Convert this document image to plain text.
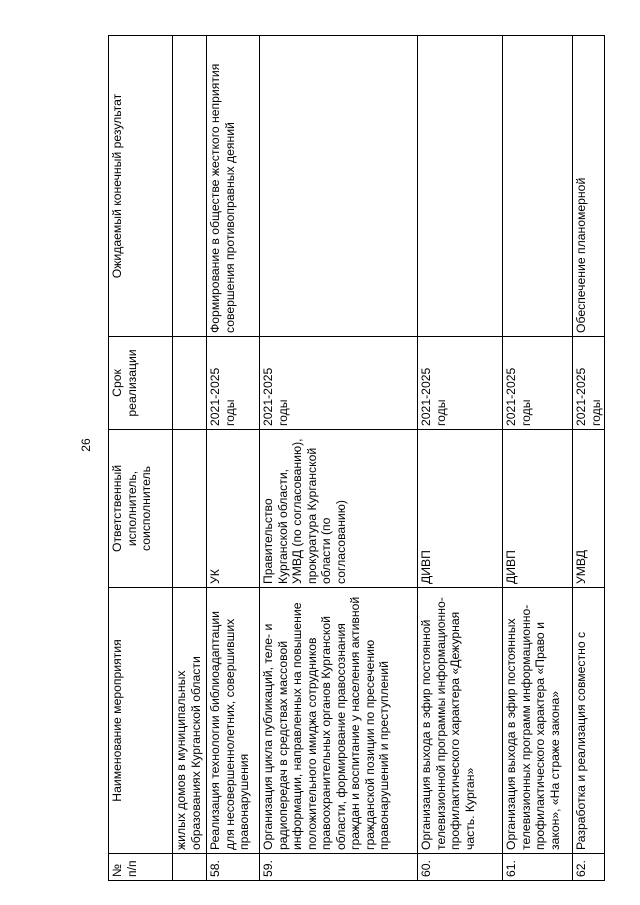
26
№ п/п	Наименование мероприятия	Ответственный исполнитель, соисполнитель	Срок реализации	Ожидаемый конечный результат
	жилых домов в муниципальных образованиях Курганской области			
58.	Реализация технологии библиоадаптации для несовершеннолетних, совершивших правонарушения	УК	2021-2025 годы	Формирование в обществе жесткого неприятия совершения противоправных деяний
59.	Организация цикла публикаций, теле- и радиопередач в средствах массовой информации, направленных на повышение положительного имиджа сотрудников правоохранительных органов Курганской области, формирование правосознания граждан и воспитание у населения активной гражданской позиции по пресечению правонарушений и преступлений	Правительство Курганской области, УМВД (по согласованию), прокуратура Курганской области (по согласованию)	2021-2025 годы	
60.	Организация выхода в эфир постоянной телевизионной программы информационно-профилактического характера «Дежурная часть. Курган»	ДИВП	2021-2025 годы	
61.	Организация выхода в эфир постоянных телевизионных программ информационно-профилактического характера «Право и закон», «На страже закона»	ДИВП	2021-2025 годы	
62.	Разработка и реализация совместно с	УМВД	2021-2025 годы	Обеспечение планомерной
